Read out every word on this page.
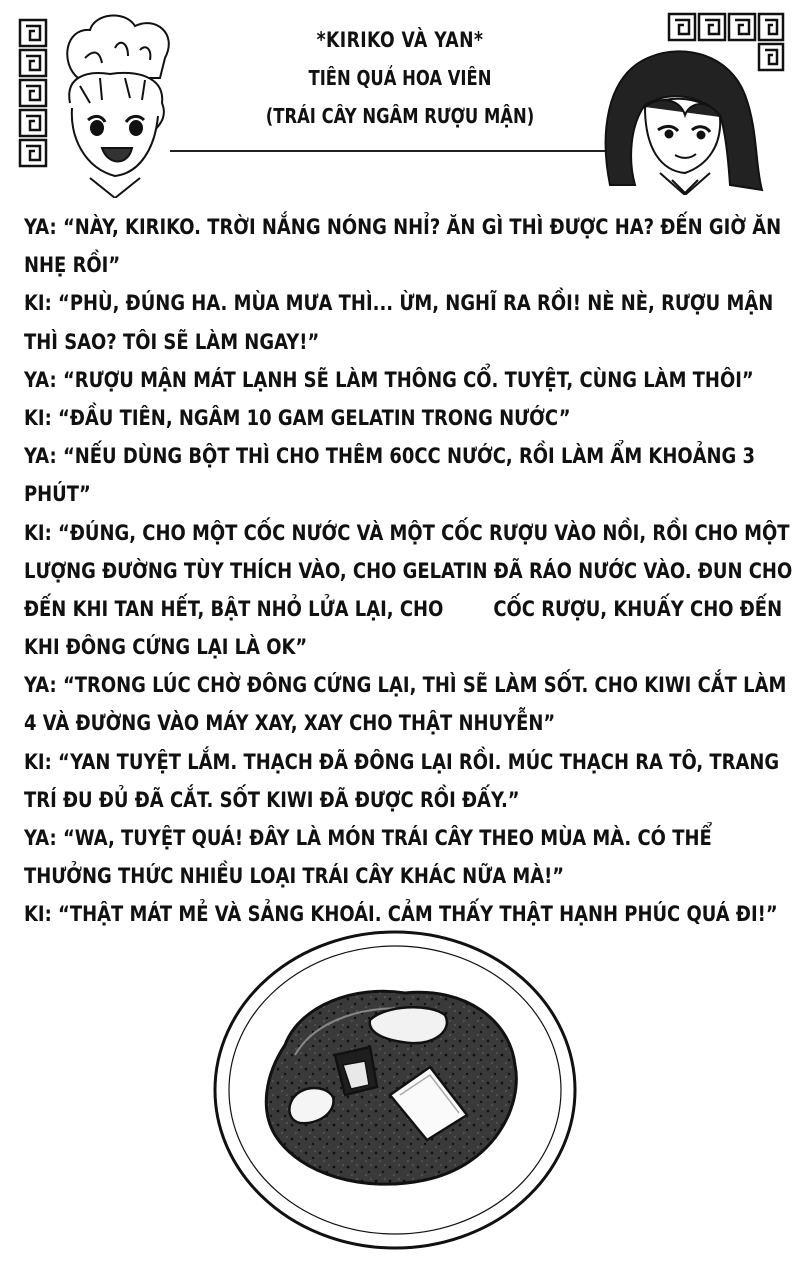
*KIRIKO VÀ YAN*
TIÊN QUẢ HOA VIÊN
(TRÁI CÂY NGÂM RƯỢU MẬN)

YA: “NÀY, KIRIKO. TRỜI NẮNG NÓNG NHỈ? ĂN GÌ THÌ ĐƯỢC HA? ĐẾN GIỜ ĂN

NHẸ RỒI”

KI: “PHÙ, ĐÚNG HA. MÙA MƯA THÌ... ỪM, NGHĨ RA RỒI! NÈ NÈ, RƯỢU MẬN

THÌ SAO? TÔI SẼ LÀM NGAY!”

YA: “RƯỢU MẬN MÁT LẠNH SẼ LÀM THÔNG CỔ. TUYỆT, CÙNG LÀM THÔI”

KI: “ĐẦU TIÊN, NGÂM 10 GAM GELATIN TRONG NƯỚC”

YA: “NẾU DÙNG BỘT THÌ CHO THÊM 60CC NƯỚC, RỒI LÀM ẨM KHOẢNG 3

PHÚT”

KI: “ĐÚNG, CHO MỘT CỐC NƯỚC VÀ MỘT CỐC RƯỢU VÀO NỒI, RỒI CHO MỘT

LƯỢNG ĐƯỜNG TÙY THÍCH VÀO, CHO GELATIN ĐÃ RÁO NƯỚC VÀO. ĐUN CHO

ĐẾN KHI TAN HẾT, BẬT NHỎ LỬA LẠI, CHO        CỐC RƯỢU, KHUẤY CHO ĐẾN

KHI ĐÔNG CỨNG LẠI LÀ OK”

YA: “TRONG LÚC CHỜ ĐÔNG CỨNG LẠI, THÌ SẼ LÀM SỐT. CHO KIWI CẮT LÀM

4 VÀ ĐƯỜNG VÀO MÁY XAY, XAY CHO THẬT NHUYỄN”

KI: “YAN TUYỆT LẮM. THẠCH ĐÃ ĐÔNG LẠI RỒI. MÚC THẠCH RA TÔ, TRANG

TRÍ ĐU ĐỦ ĐÃ CẮT. SỐT KIWI ĐÃ ĐƯỢC RỒI ĐẤY.”

YA: “WA, TUYỆT QUÁ! ĐÂY LÀ MÓN TRÁI CÂY THEO MÙA MÀ. CÓ THỂ

THƯỞNG THỨC NHIỀU LOẠI TRÁI CÂY KHÁC NỮA MÀ!”

KI: “THẬT MÁT MẺ VÀ SẢNG KHOÁI. CẢM THẤY THẬT HẠNH PHÚC QUÁ ĐI!”
